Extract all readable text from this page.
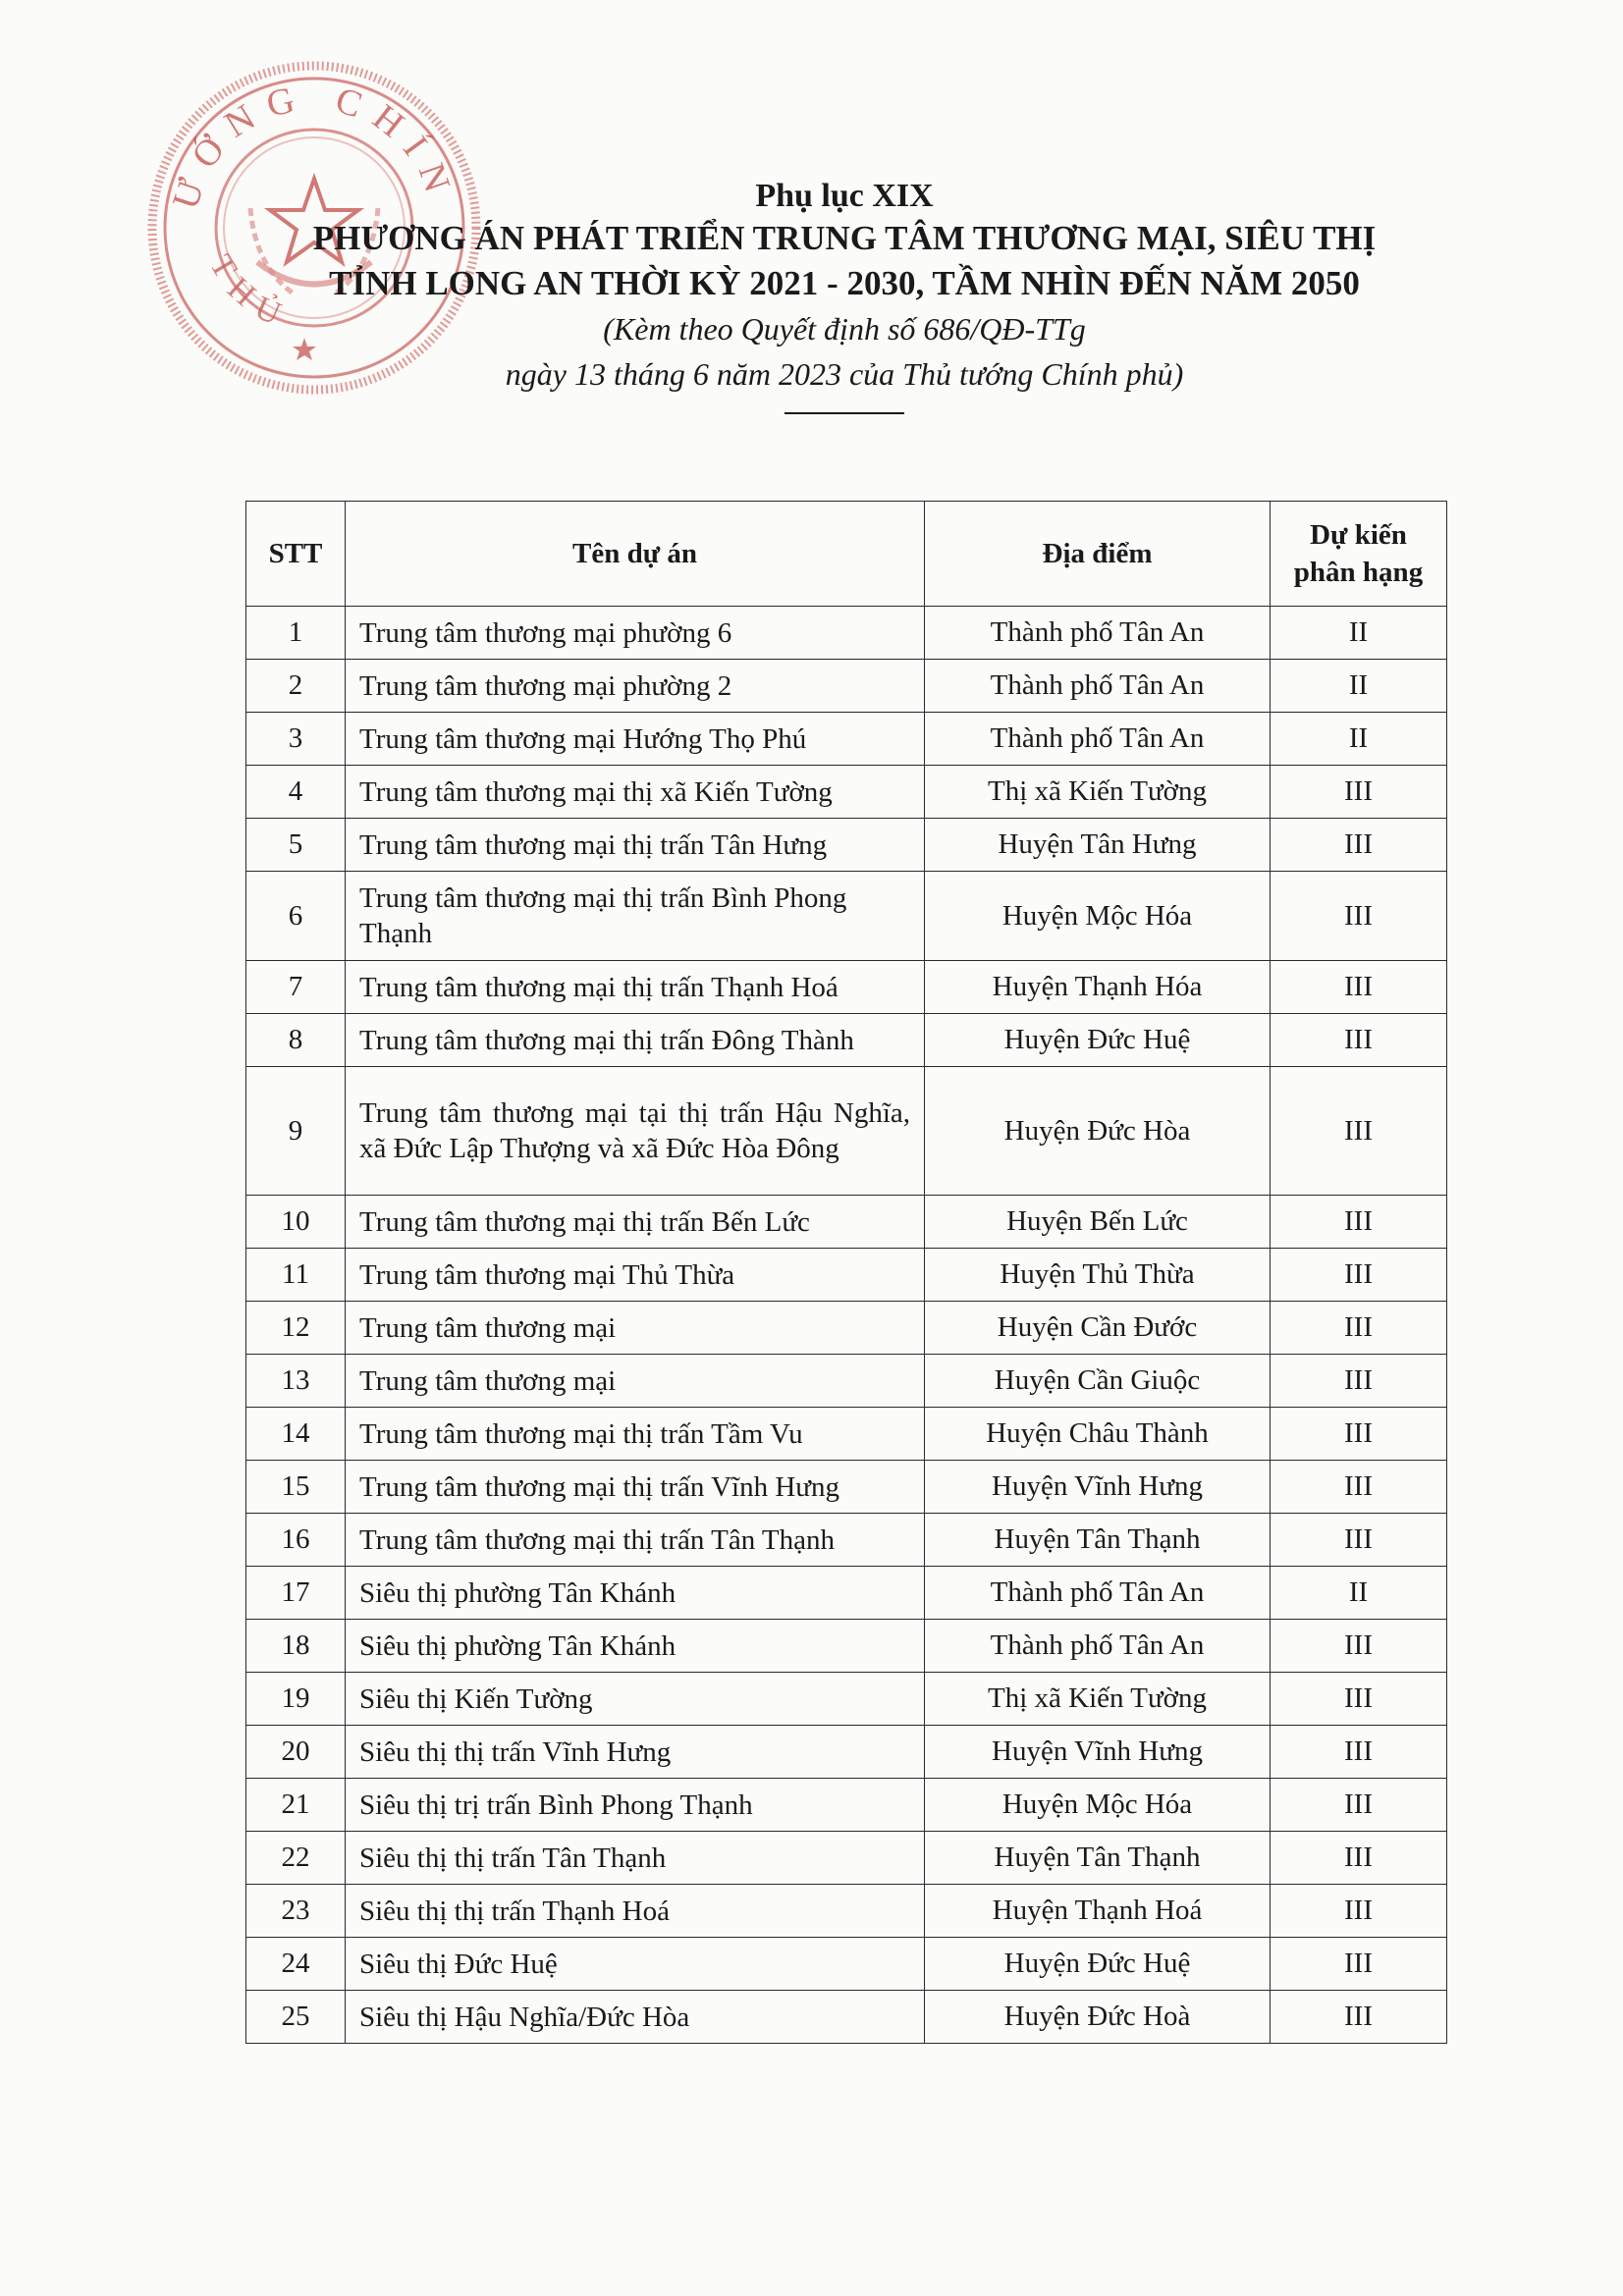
ƯỚNG CHÍN
THỦ
Phụ lục XIX
PHƯƠNG ÁN PHÁT TRIỂN TRUNG TÂM THƯƠNG MẠI, SIÊU THỊ
TỈNH LONG AN THỜI KỲ 2021 - 2030, TẦM NHÌN ĐẾN NĂM 2050
(Kèm theo Quyết định số 686/QĐ-TTg
ngày 13 tháng 6 năm 2023 của Thủ tướng Chính phủ)
STT	Tên dự án	Địa điểm	Dự kiến
phân hạng
1	Trung tâm thương mại phường 6	Thành phố Tân An	II
2	Trung tâm thương mại phường 2	Thành phố Tân An	II
3	Trung tâm thương mại Hướng Thọ Phú	Thành phố Tân An	II
4	Trung tâm thương mại thị xã Kiến Tường	Thị xã Kiến Tường	III
5	Trung tâm thương mại thị trấn Tân Hưng	Huyện Tân Hưng	III
6	Trung tâm thương mại thị trấn Bình Phong Thạnh	Huyện Mộc Hóa	III
7	Trung tâm thương mại thị trấn Thạnh Hoá	Huyện Thạnh Hóa	III
8	Trung tâm thương mại thị trấn Đông Thành	Huyện Đức Huệ	III
9	Trung tâm thương mại tại thị trấn Hậu Nghĩa, xã Đức Lập Thượng và xã Đức Hòa Đông	Huyện Đức Hòa	III
10	Trung tâm thương mại thị trấn Bến Lức	Huyện Bến Lức	III
11	Trung tâm thương mại Thủ Thừa	Huyện Thủ Thừa	III
12	Trung tâm thương mại	Huyện Cần Đước	III
13	Trung tâm thương mại	Huyện Cần Giuộc	III
14	Trung tâm thương mại thị trấn Tầm Vu	Huyện Châu Thành	III
15	Trung tâm thương mại thị trấn Vĩnh Hưng	Huyện Vĩnh Hưng	III
16	Trung tâm thương mại thị trấn Tân Thạnh	Huyện Tân Thạnh	III
17	Siêu thị phường Tân Khánh	Thành phố Tân An	II
18	Siêu thị phường Tân Khánh	Thành phố Tân An	III
19	Siêu thị Kiến Tường	Thị xã Kiến Tường	III
20	Siêu thị thị trấn Vĩnh Hưng	Huyện Vĩnh Hưng	III
21	Siêu thị trị trấn Bình Phong Thạnh	Huyện Mộc Hóa	III
22	Siêu thị thị trấn Tân Thạnh	Huyện Tân Thạnh	III
23	Siêu thị thị trấn Thạnh Hoá	Huyện Thạnh Hoá	III
24	Siêu thị Đức Huệ	Huyện Đức Huệ	III
25	Siêu thị Hậu Nghĩa/Đức Hòa	Huyện Đức Hoà	III
